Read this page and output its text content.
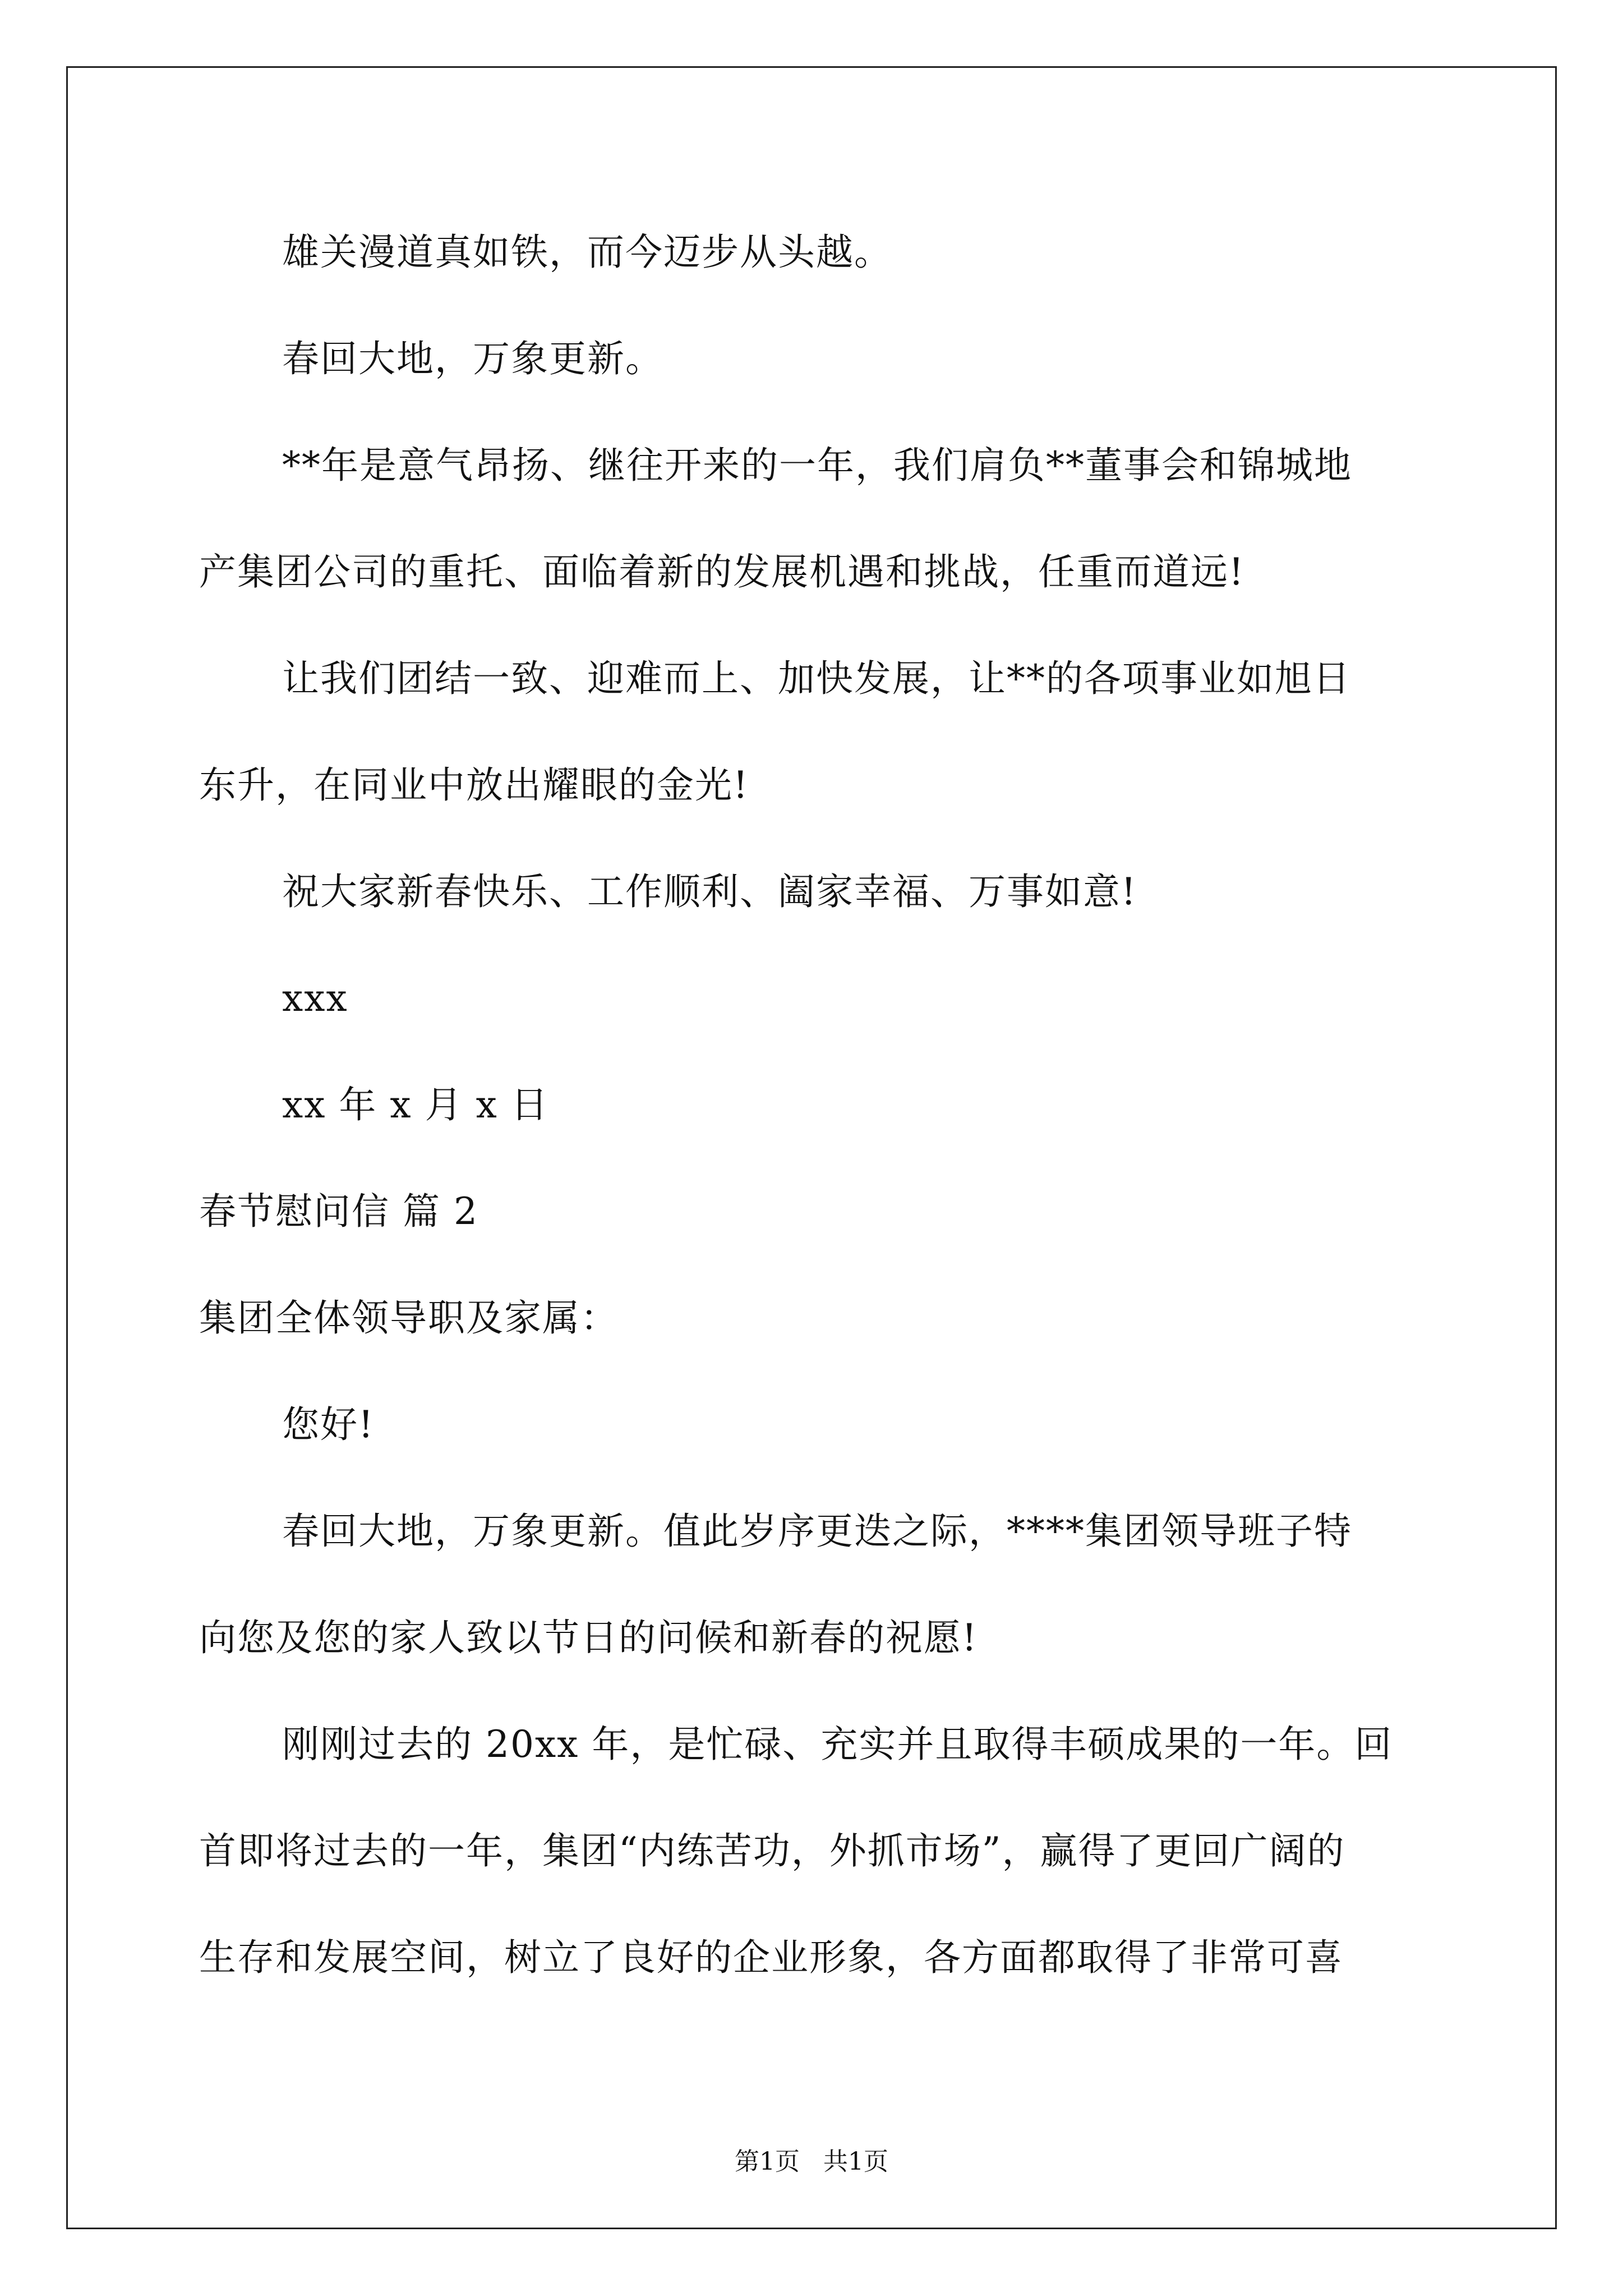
雄关漫道真如铁，而今迈步从头越。
春回大地，万象更新。
**年是意气昂扬、继往开来的一年，我们肩负**董事会和锦城地
产集团公司的重托、面临着新的发展机遇和挑战，任重而道远!
让我们团结一致、迎难而上、加快发展，让**的各项事业如旭日
东升，在同业中放出耀眼的金光!
祝大家新春快乐、工作顺利、阖家幸福、万事如意!
xxx
xx 年 x 月 x 日
春节慰问信 篇 2
集团全体领导职及家属：
您好!
春回大地，万象更新。值此岁序更迭之际，****集团领导班子特
向您及您的家人致以节日的问候和新春的祝愿!
刚刚过去的 20xx 年，是忙碌、充实并且取得丰硕成果的一年。回
首即将过去的一年，集团“内练苦功，外抓市场”，赢得了更回广阔的
生存和发展空间，树立了良好的企业形象，各方面都取得了非常可喜
第1页   共1页
